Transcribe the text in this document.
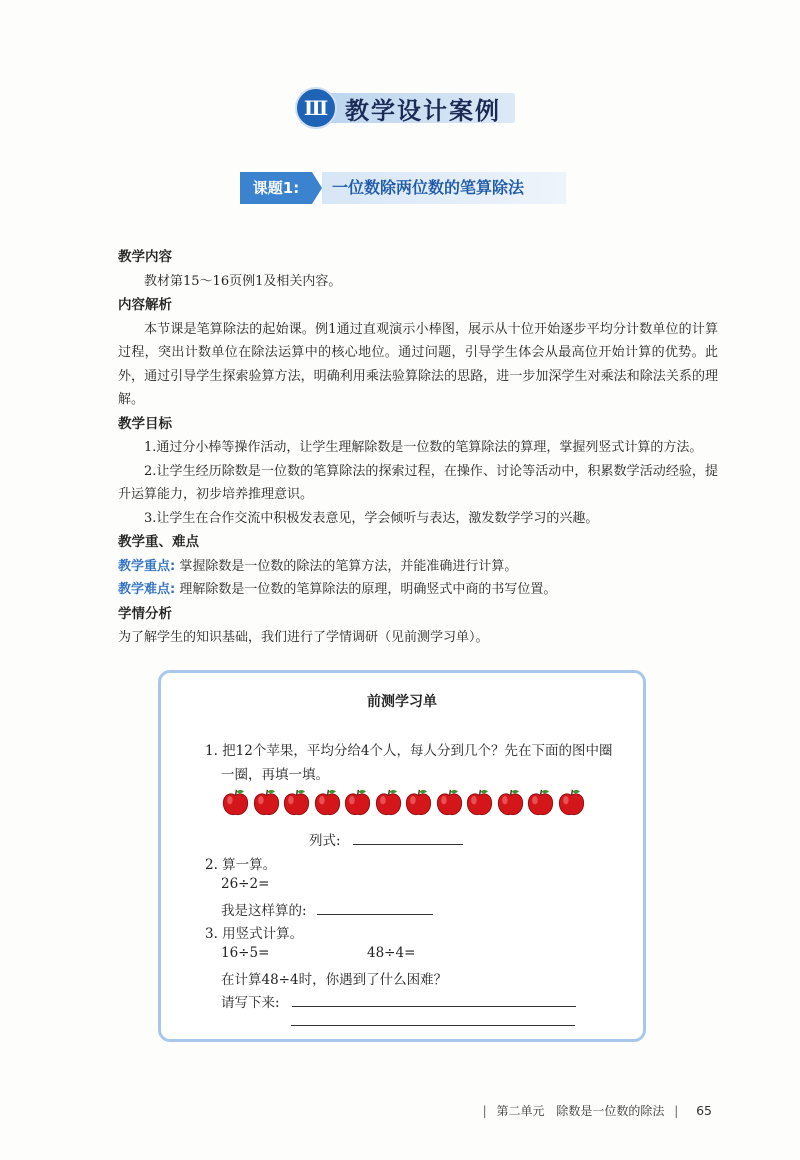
Ⅲ 教学设计案例
课题1:	一位数除两位数的笔算除法
教学内容

教材第15～16页例1及相关内容。

内容解析

本节课是笔算除法的起始课。例1通过直观演示小棒图，展示从十位开始逐步平均分计数单位的计算过程，突出计数单位在除法运算中的核心地位。通过问题，引导学生体会从最高位开始计算的优势。此外，通过引导学生探索验算方法，明确利用乘法验算除法的思路，进一步加深学生对乘法和除法关系的理解。

教学目标

1.通过分小棒等操作活动，让学生理解除数是一位数的笔算除法的算理，掌握列竖式计算的方法。

2.让学生经历除数是一位数的笔算除法的探索过程，在操作、讨论等活动中，积累数学活动经验，提升运算能力，初步培养推理意识。

3.让学生在合作交流中积极发表意见，学会倾听与表达，激发数学学习的兴趣。

教学重、难点

教学重点: 掌握除数是一位数的除法的笔算方法，并能准确进行计算。

教学难点: 理解除数是一位数的笔算除法的原理，明确竖式中商的书写位置。

学情分析

为了解学生的知识基础，我们进行了学情调研（见前测学习单）。

前测学习单
1. 把12个苹果，平均分给4个人，每人分到几个？先在下面的图中圈
一圈，再填一填。
列式:
2. 算一算。
26÷2=
我是这样算的:
3. 用竖式计算。
16÷5=	48÷4=
在计算48÷4时，你遇到了什么困难？
请写下来:
| 第二单元 除数是一位数的除法 | 65
